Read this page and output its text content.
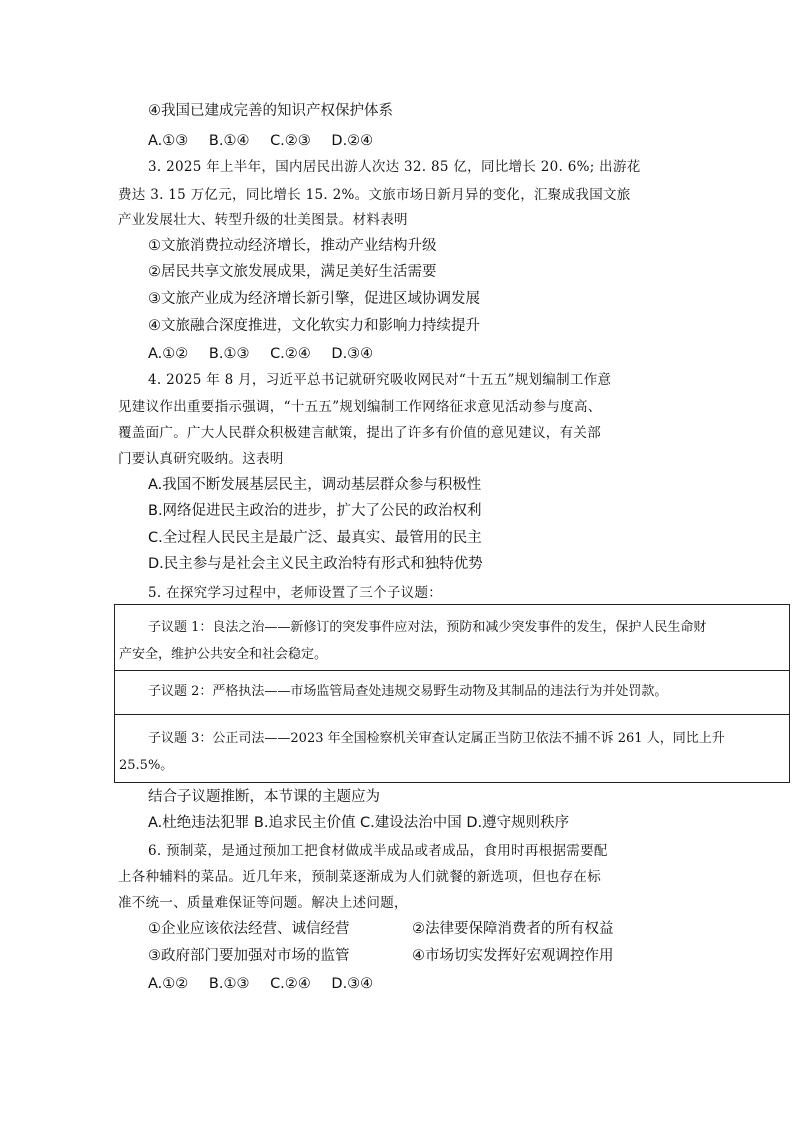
④我国已建成完善的知识产权保护体系
A.①③ B.①④ C.②③ D.②④
3. 2025 年上半年，国内居民出游人次达 32. 85 亿，同比增长 20. 6%; 出游花
费达 3. 15 万亿元，同比增长 15. 2%。文旅市场日新月异的变化，汇聚成我国文旅
产业发展壮大、转型升级的壮美图景。材料表明
①文旅消费拉动经济增长，推动产业结构升级
②居民共享文旅发展成果，满足美好生活需要
③文旅产业成为经济增长新引擎，促进区域协调发展
④文旅融合深度推进，文化软实力和影响力持续提升
A.①② B.①③ C.②④ D.③④
4. 2025 年 8 月，习近平总书记就研究吸收网民对“十五五”规划编制工作意
见建议作出重要指示强调，“十五五”规划编制工作网络征求意见活动参与度高、
覆盖面广。广大人民群众积极建言献策，提出了许多有价值的意见建议，有关部
门要认真研究吸纳。这表明
A.我国不断发展基层民主，调动基层群众参与积极性
B.网络促进民主政治的进步，扩大了公民的政治权利
C.全过程人民民主是最广泛、最真实、最管用的民主
D.民主参与是社会主义民主政治特有形式和独特优势
5. 在探究学习过程中，老师设置了三个子议题：
子议题 1：良法之治——新修订的突发事件应对法，预防和减少突发事件的发生，保护人民生命财
产安全，维护公共安全和社会稳定。
子议题 2：严格执法——市场监管局查处违规交易野生动物及其制品的违法行为并处罚款。
子议题 3：公正司法——2023 年全国检察机关审查认定属正当防卫依法不捕不诉 261 人，同比上升
25.5%。
结合子议题推断，本节课的主题应为
A.杜绝违法犯罪 B.追求民主价值 C.建设法治中国 D.遵守规则秩序
6. 预制菜，是通过预加工把食材做成半成品或者成品，食用时再根据需要配
上各种辅料的菜品。近几年来，预制菜逐渐成为人们就餐的新选项，但也存在标
准不统一、质量难保证等问题。解决上述问题，
①企业应该依法经营、诚信经营	②法律要保障消费者的所有权益
③政府部门要加强对市场的监管	④市场切实发挥好宏观调控作用
A.①② B.①③ C.②④ D.③④
